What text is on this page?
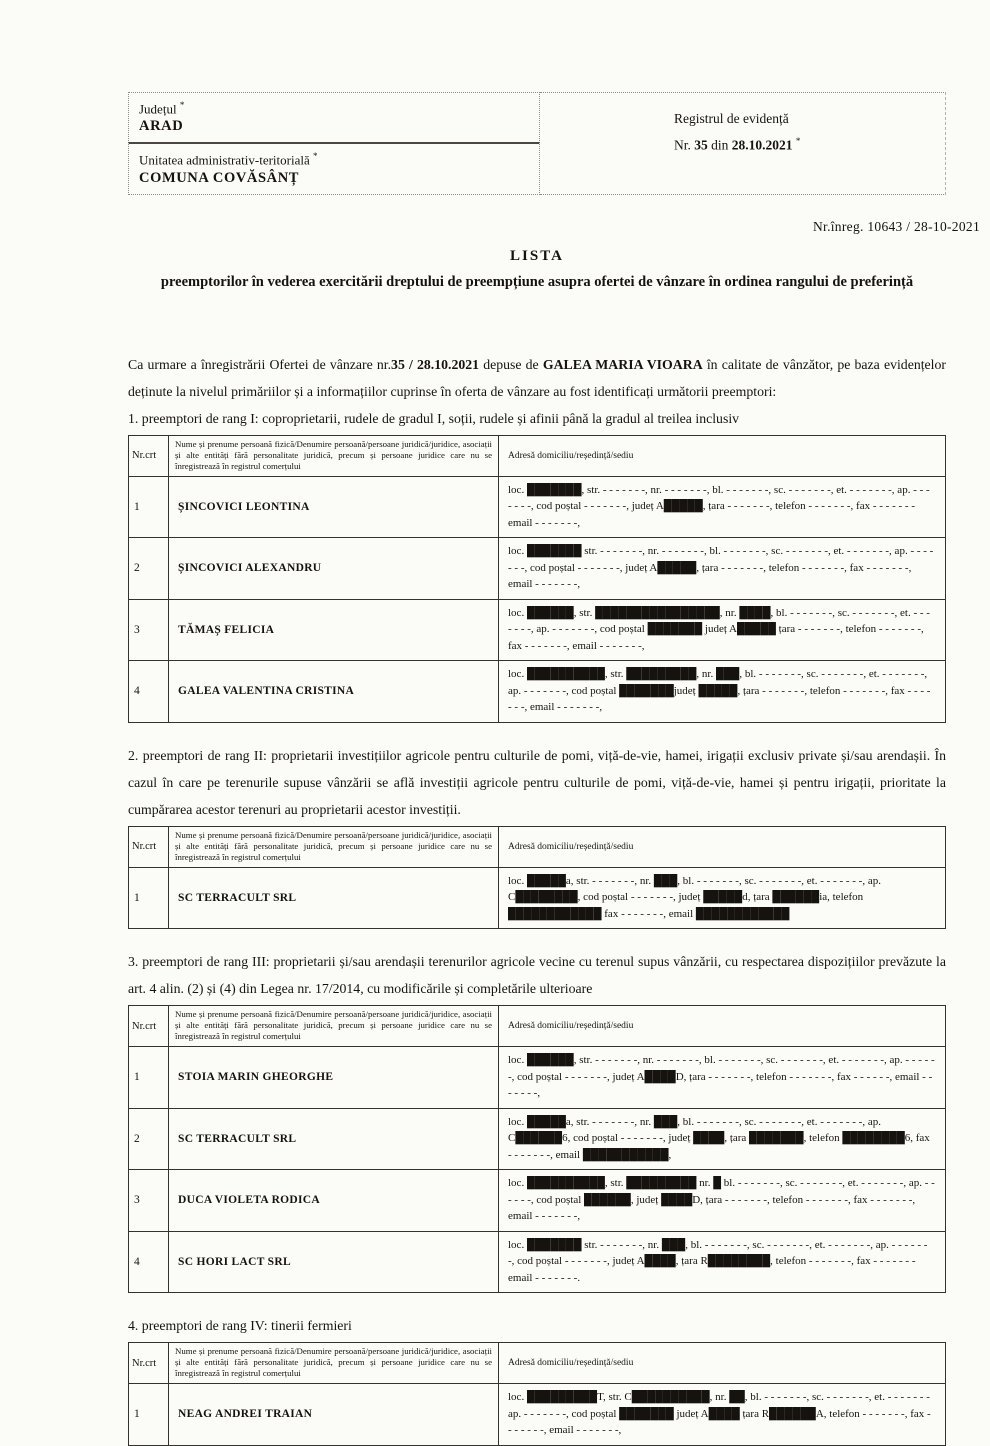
Județul *
ARAD
Unitatea administrativ-teritorială *
COMUNA COVĂSÂNȚ
Registrul de evidență
Nr. 35 din 28.10.2021 *
Nr.înreg. 10643 / 28-10-2021
LISTA
preemptorilor în vederea exercitării dreptului de preempțiune asupra ofertei de vânzare în ordinea rangului de preferință

Ca urmare a înregistrării Ofertei de vânzare nr.35 / 28.10.2021 depuse de GALEA MARIA VIOARA în calitate de vânzător, pe baza evidențelor deținute la nivelul primăriilor și a informațiilor cuprinse în oferta de vânzare au fost identificați următorii preemptori:

1. preemptori de rang I: coproprietarii, rudele de gradul I, soții, rudele și afinii până la gradul al treilea inclusiv

Nr.crt	Nume și prenume persoană fizică/Denumire persoană/persoane juridică/juridice, asociații și alte entități fără personalitate juridică, precum și persoane juridice care nu se înregistrează în registrul comerțului	Adresă domiciliu/reședință/sediu
1	ȘINCOVICI LEONTINA	loc. ███████, str. - - - - - - -, nr. - - - - - - -, bl. - - - - - - -, sc. - - - - - - -, et. - - - - - - -, ap. - - - - - - -, cod poștal - - - - - - -, județ A█████, țara - - - - - - -, telefon - - - - - - -, fax - - - - - - - email - - - - - - -,
2	ȘINCOVICI ALEXANDRU	loc. ███████ str. - - - - - - -, nr. - - - - - - -, bl. - - - - - - -, sc. - - - - - - -, et. - - - - - - -, ap. - - - - - - -, cod poștal - - - - - - -, județ A█████, țara - - - - - - -, telefon - - - - - - -, fax - - - - - - -, email - - - - - - -,
3	TĂMAȘ FELICIA	loc. ██████, str. ████████████████, nr. ████, bl. - - - - - - -, sc. - - - - - - -, et. - - - - - - -, ap. - - - - - - -, cod poștal ███████ județ A█████ țara - - - - - - -, telefon - - - - - - -, fax - - - - - - -, email - - - - - - -,
4	GALEA VALENTINA CRISTINA	loc. ██████████, str. █████████, nr. ███, bl. - - - - - - -, sc. - - - - - - -, et. - - - - - - -, ap. - - - - - - -, cod poștal ███████județ █████, țara - - - - - - -, telefon - - - - - - -, fax - - - - - - -, email - - - - - - -,

2. preemptori de rang II: proprietarii investițiilor agricole pentru culturile de pomi, viță-de-vie, hamei, irigații exclusiv private și/sau arendașii. În cazul în care pe terenurile supuse vânzării se află investiții agricole pentru culturile de pomi, viță-de-vie, hamei și pentru irigații, prioritate la cumpărarea acestor terenuri au proprietarii acestor investiții.

Nr.crt	Nume și prenume persoană fizică/Denumire persoană/persoane juridică/juridice, asociații și alte entități fără personalitate juridică, precum și persoane juridice care nu se înregistrează în registrul comerțului	Adresă domiciliu/reședință/sediu
1	SC TERRACULT SRL	loc. █████a, str. - - - - - - -, nr. ███, bl. - - - - - - -, sc. - - - - - - -, et. - - - - - - -, ap. C████████, cod poștal - - - - - - -, județ █████d, țara ██████ia, telefon ████████████ fax - - - - - - -, email ████████████

3. preemptori de rang III: proprietarii și/sau arendașii terenurilor agricole vecine cu terenul supus vânzării, cu respectarea dispozițiilor prevăzute la art. 4 alin. (2) și (4) din Legea nr. 17/2014, cu modificările și completările ulterioare

Nr.crt	Nume și prenume persoană fizică/Denumire persoană/persoane juridică/juridice, asociații și alte entități fără personalitate juridică, precum și persoane juridice care nu se înregistrează în registrul comerțului	Adresă domiciliu/reședință/sediu
1	STOIA MARIN GHEORGHE	loc. ██████, str. - - - - - - -, nr. - - - - - - -, bl. - - - - - - -, sc. - - - - - - -, et. - - - - - - -, ap. - - - - - -, cod poștal - - - - - - -, județ A████D, țara - - - - - - -, telefon - - - - - - -, fax - - - - - -, email - - - - - - -,
2	SC TERRACULT SRL	loc. █████a, str. - - - - - - -, nr. ███, bl. - - - - - - -, sc. - - - - - - -, et. - - - - - - -, ap. C██████6, cod poștal - - - - - - -, județ ████, țara ███████, telefon ████████6, fax - - - - - - -, email ███████████,
3	DUCA VIOLETA RODICA	loc. ██████████, str. █████████ nr. █ bl. - - - - - - -, sc. - - - - - - -, et. - - - - - - -, ap. - - - - - -, cod poștal ██████, județ ████D, țara - - - - - - -, telefon - - - - - - -, fax - - - - - - -, email - - - - - - -,
4	SC HORI LACT SRL	loc. ███████ str. - - - - - - -, nr. ███, bl. - - - - - - -, sc. - - - - - - -, et. - - - - - - -, ap. - - - - - - -, cod poștal - - - - - - -, județ A████, țara R████████, telefon - - - - - - -, fax - - - - - - - email - - - - - - -.

4. preemptori de rang IV: tinerii fermieri

Nr.crt	Nume și prenume persoană fizică/Denumire persoană/persoane juridică/juridice, asociații și alte entități fără personalitate juridică, precum și persoane juridice care nu se înregistrează în registrul comerțului	Adresă domiciliu/reședință/sediu
1	NEAG ANDREI TRAIAN	loc. █████████T, str. C██████████, nr. ██, bl. - - - - - - -, sc. - - - - - - -, et. - - - - - - - ap. - - - - - - -, cod poștal ███████ județ A████ țara R██████A, telefon - - - - - - -, fax - - - - - - -, email - - - - - - -,
